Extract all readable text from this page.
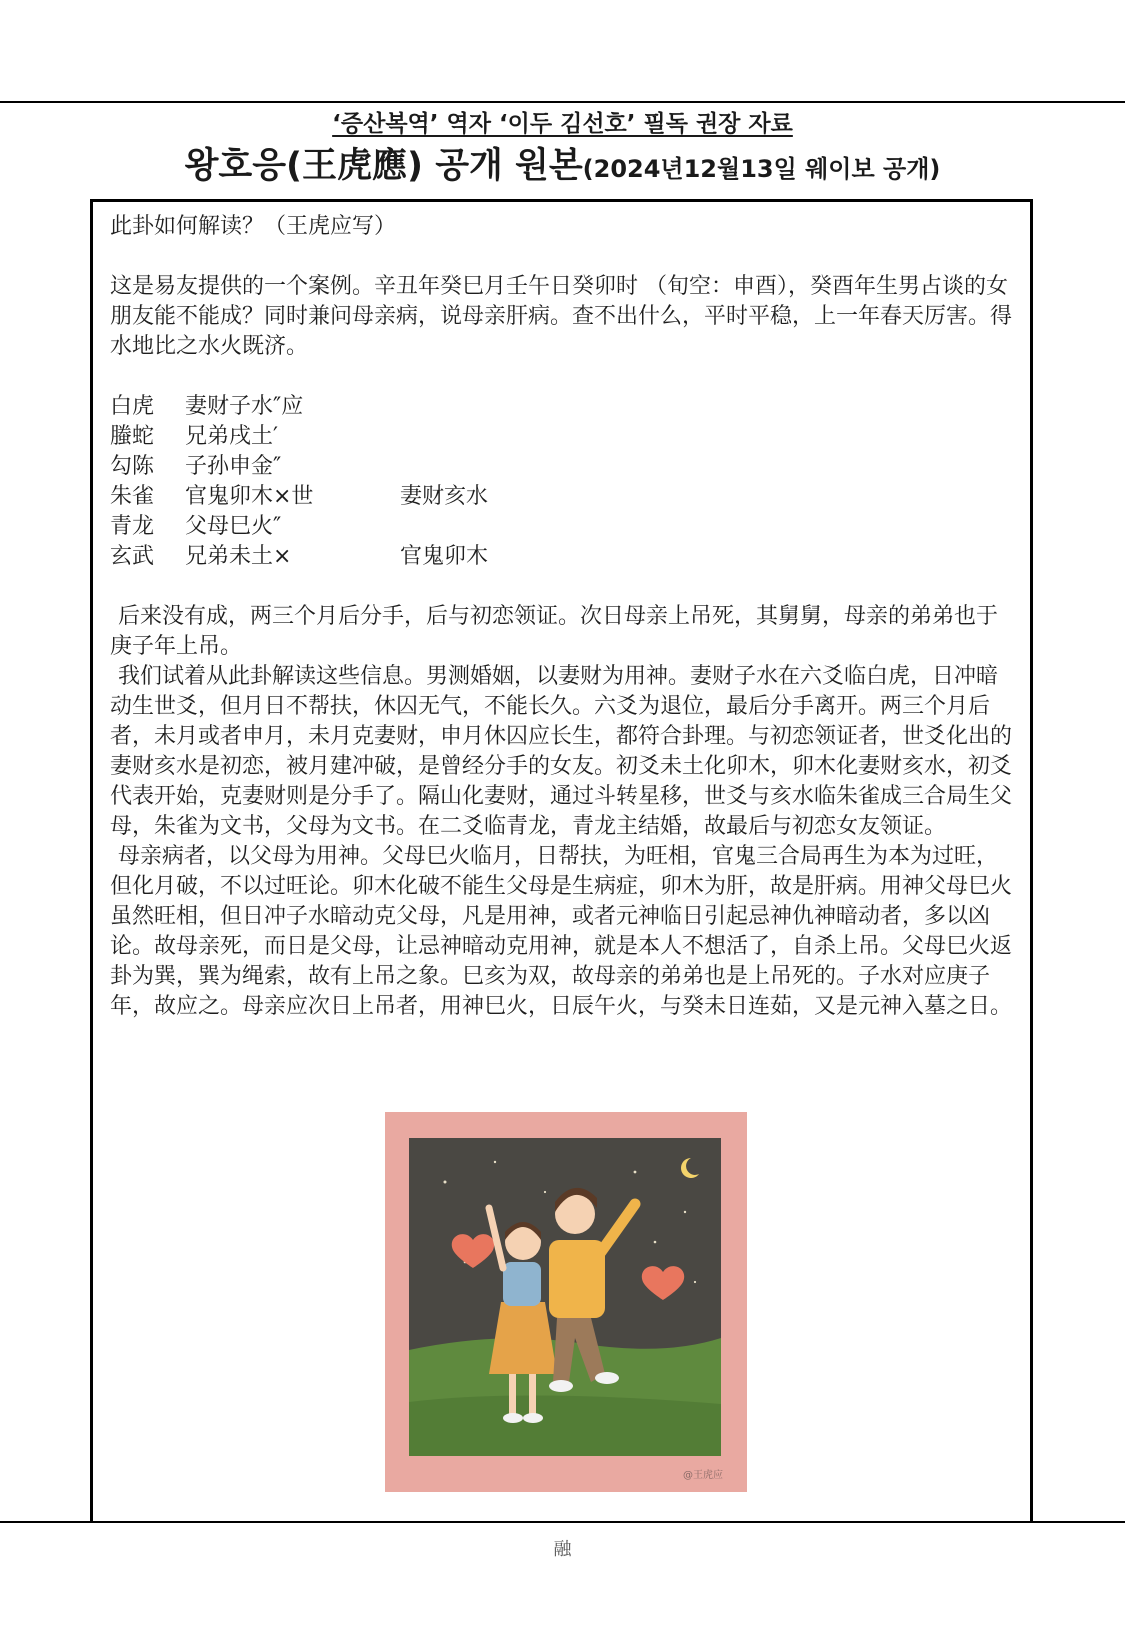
‘증산복역’ 역자 ‘이두 김선호’ 필독 권장 자료
왕호응(王虎應) 공개 원본(2024년12월13일 웨이보 공개)

此卦如何解读？（王虎应写）

这是易友提供的一个案例。辛丑年癸巳月壬午日癸卯时 （旬空：申酉），癸酉年生男占谈的女朋友能不能成？同时兼问母亲病，说母亲肝病。查不出什么，平时平稳，上一年春天厉害。得水地比之水火既济。

白虎	妻财子水″应
螣蛇	兄弟戌土′
勾陈	子孙申金″
朱雀	官鬼卯木×世	妻财亥水
青龙	父母巳火″
玄武	兄弟未土×	官鬼卯木

后来没有成，两三个月后分手，后与初恋领证。次日母亲上吊死，其舅舅，母亲的弟弟也于庚子年上吊。

我们试着从此卦解读这些信息。男测婚姻，以妻财为用神。妻财子水在六爻临白虎，日冲暗动生世爻，但月日不帮扶，休囚无气，不能长久。六爻为退位，最后分手离开。两三个月后者，未月或者申月，未月克妻财，申月休囚应长生，都符合卦理。与初恋领证者，世爻化出的妻财亥水是初恋，被月建冲破，是曾经分手的女友。初爻未土化卯木，卯木化妻财亥水，初爻代表开始，克妻财则是分手了。隔山化妻财，通过斗转星移，世爻与亥水临朱雀成三合局生父母，朱雀为文书，父母为文书。在二爻临青龙，青龙主结婚，故最后与初恋女友领证。

母亲病者，以父母为用神。父母巳火临月，日帮扶，为旺相，官鬼三合局再生为本为过旺，但化月破，不以过旺论。卯木化破不能生父母是生病症，卯木为肝，故是肝病。用神父母巳火虽然旺相，但日冲子水暗动克父母，凡是用神，或者元神临日引起忌神仇神暗动者，多以凶论。故母亲死，而日是父母，让忌神暗动克用神，就是本人不想活了，自杀上吊。父母巳火返卦为巽，巽为绳索，故有上吊之象。巳亥为双，故母亲的弟弟也是上吊死的。子水对应庚子年，故应之。母亲应次日上吊者，用神巳火，日辰午火，与癸未日连茹，又是元神入墓之日。

@王虎应
融
